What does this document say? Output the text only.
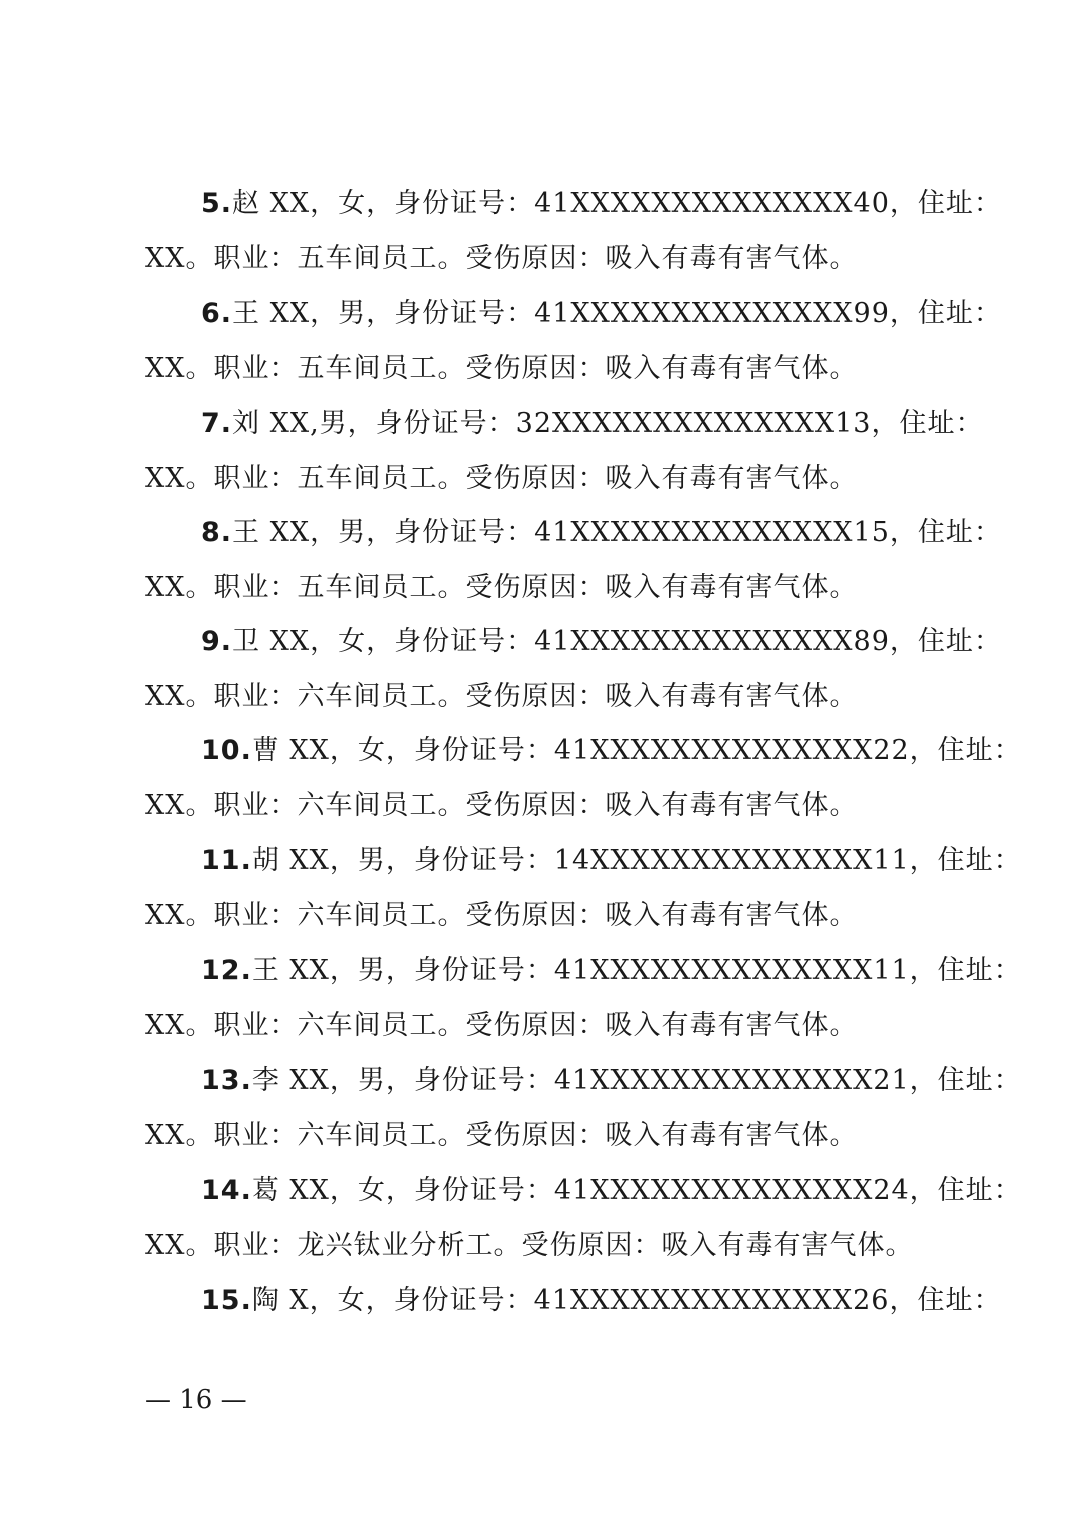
5.赵 XX，女，身份证号：41XXXXXXXXXXXXXX40，住址：
XX。职业：五车间员工。受伤原因：吸入有毒有害气体。
6.王 XX，男，身份证号：41XXXXXXXXXXXXXX99，住址：
XX。职业：五车间员工。受伤原因：吸入有毒有害气体。
7.刘 XX,男，身份证号：32XXXXXXXXXXXXXX13，住址：
XX。职业：五车间员工。受伤原因：吸入有毒有害气体。
8.王 XX，男，身份证号：41XXXXXXXXXXXXXX15，住址：
XX。职业：五车间员工。受伤原因：吸入有毒有害气体。
9.卫 XX，女，身份证号：41XXXXXXXXXXXXXX89，住址：
XX。职业：六车间员工。受伤原因：吸入有毒有害气体。
10.曹 XX，女，身份证号：41XXXXXXXXXXXXXX22，住址：
XX。职业：六车间员工。受伤原因：吸入有毒有害气体。
11.胡 XX，男，身份证号：14XXXXXXXXXXXXXX11，住址：
XX。职业：六车间员工。受伤原因：吸入有毒有害气体。
12.王 XX，男，身份证号：41XXXXXXXXXXXXXX11，住址：
XX。职业：六车间员工。受伤原因：吸入有毒有害气体。
13.李 XX，男，身份证号：41XXXXXXXXXXXXXX21，住址：
XX。职业：六车间员工。受伤原因：吸入有毒有害气体。
14.葛 XX，女，身份证号：41XXXXXXXXXXXXXX24，住址：
XX。职业：龙兴钛业分析工。受伤原因：吸入有毒有害气体。
15.陶 X，女，身份证号：41XXXXXXXXXXXXXX26，住址：
— 16 —
